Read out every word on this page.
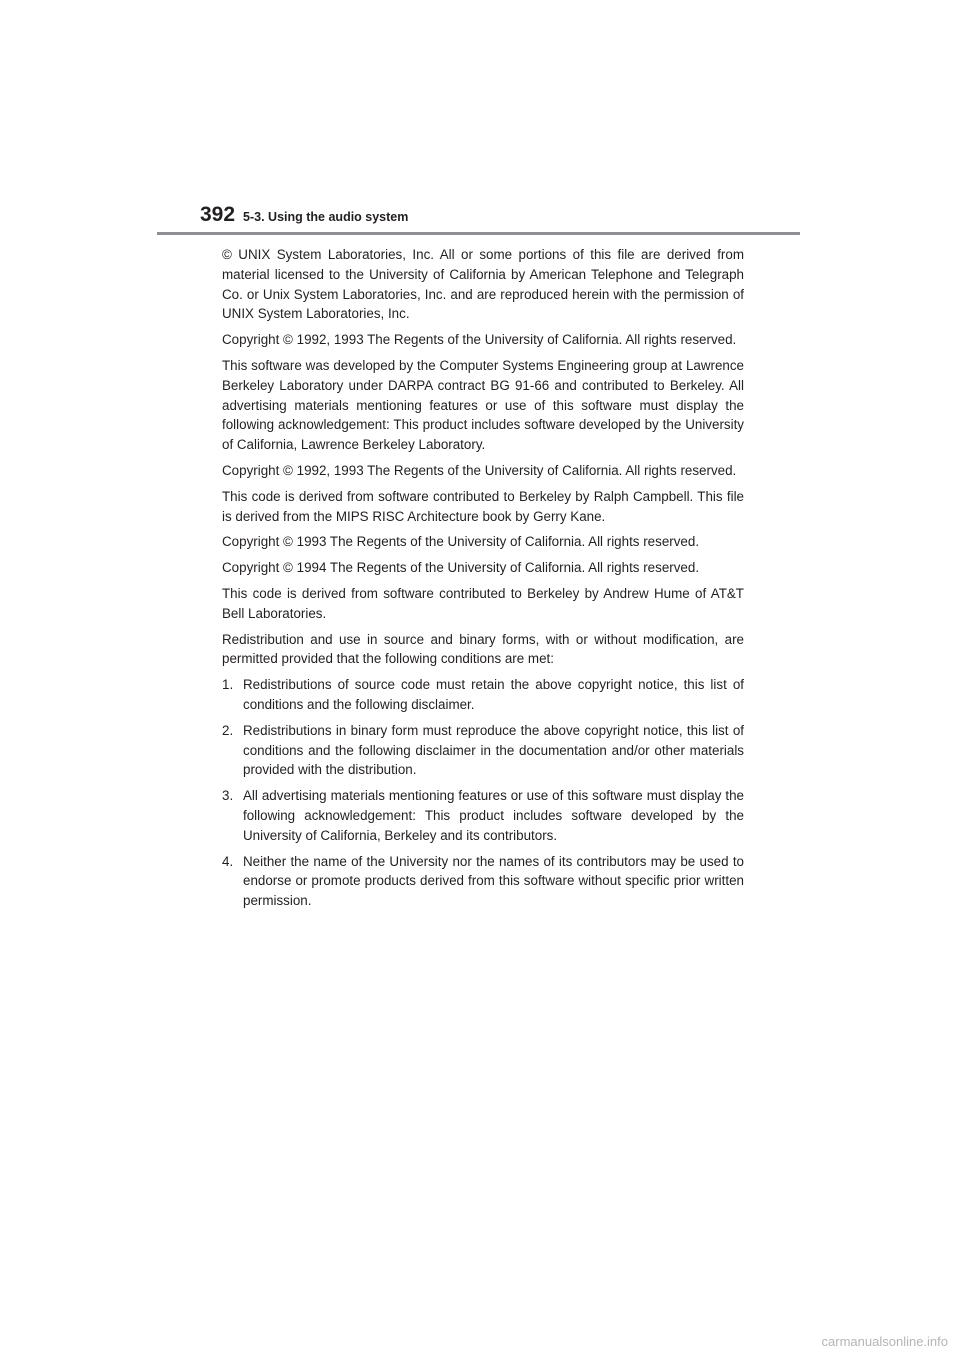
392 5-3. Using the audio system

© UNIX System Laboratories, Inc. All or some portions of this file are derived from material licensed to the University of California by American Telephone and Telegraph Co. or Unix System Laboratories, Inc. and are reproduced herein with the permission of UNIX System Laboratories, Inc.

Copyright © 1992, 1993 The Regents of the University of California. All rights reserved.

This software was developed by the Computer Systems Engineering group at Lawrence Berkeley Laboratory under DARPA contract BG 91-66 and contributed to Berkeley. All advertising materials mentioning features or use of this software must display the following acknowledgement: This product includes software developed by the University of California, Lawrence Berkeley Laboratory.

Copyright © 1992, 1993 The Regents of the University of California. All rights reserved.

This code is derived from software contributed to Berkeley by Ralph Campbell. This file is derived from the MIPS RISC Architecture book by Gerry Kane.

Copyright © 1993 The Regents of the University of California. All rights reserved.

Copyright © 1994 The Regents of the University of California. All rights reserved.

This code is derived from software contributed to Berkeley by Andrew Hume of AT&T Bell Laboratories.

Redistribution and use in source and binary forms, with or without modification, are permitted provided that the following conditions are met:

1. Redistributions of source code must retain the above copyright notice, this list of conditions and the following disclaimer.
2. Redistributions in binary form must reproduce the above copyright notice, this list of conditions and the following disclaimer in the documentation and/or other materials provided with the distribution.
3. All advertising materials mentioning features or use of this software must display the following acknowledgement: This product includes software developed by the University of California, Berkeley and its contributors.
4. Neither the name of the University nor the names of its contributors may be used to endorse or promote products derived from this software without specific prior written permission.
carmanualsonline.info
